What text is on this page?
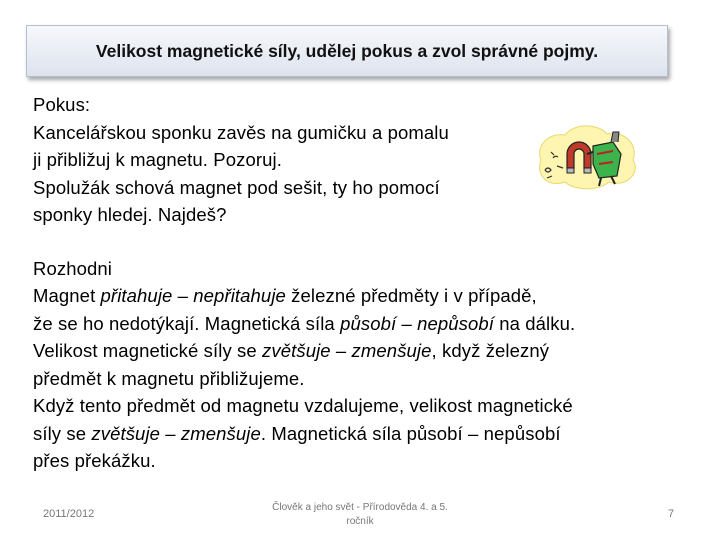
Velikost magnetické síly, udělej pokus a zvol správné pojmy.
Pokus:
Kancelářskou sponku zavěs na gumičku a pomalu
ji přibližuj k magnetu. Pozoruj.
Spolužák schová magnet pod sešit, ty ho pomocí
sponky hledej. Najdeš?
Rozhodni
Magnet přitahuje – nepřitahuje železné předměty i v případě,
že se ho nedotýkají. Magnetická síla působí – nepůsobí na dálku.
Velikost magnetické síly se zvětšuje – zmenšuje, když železný
předmět k magnetu přibližujeme.
Když tento předmět od magnetu vzdalujeme, velikost magnetické
síly se zvětšuje – zmenšuje. Magnetická síla působí – nepůsobí
přes překážku.
2011/2012
Člověk a jeho svět - Přírodověda 4. a 5.
ročník
7
